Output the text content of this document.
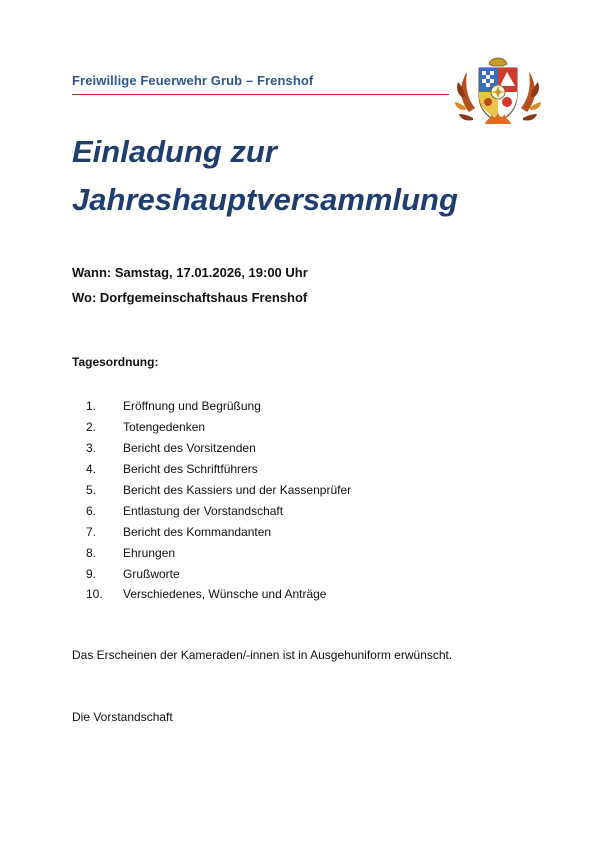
Freiwillige Feuerwehr Grub – Frenshof
Einladung zur
Jahreshauptversammlung
Wann: Samstag, 17.01.2026, 19:00 Uhr
Wo: Dorfgemeinschaftshaus Frenshof
Tagesordnung:
1.	Eröffnung und Begrüßung
2.	Totengedenken
3.	Bericht des Vorsitzenden
4.	Bericht des Schriftführers
5.	Bericht des Kassiers und der Kassenprüfer
6.	Entlastung der Vorstandschaft
7.	Bericht des Kommandanten
8.	Ehrungen
9.	Grußworte
10.	Verschiedenes, Wünsche und Anträge
Das Erscheinen der Kameraden/-innen ist in Ausgehuniform erwünscht.
Die Vorstandschaft
